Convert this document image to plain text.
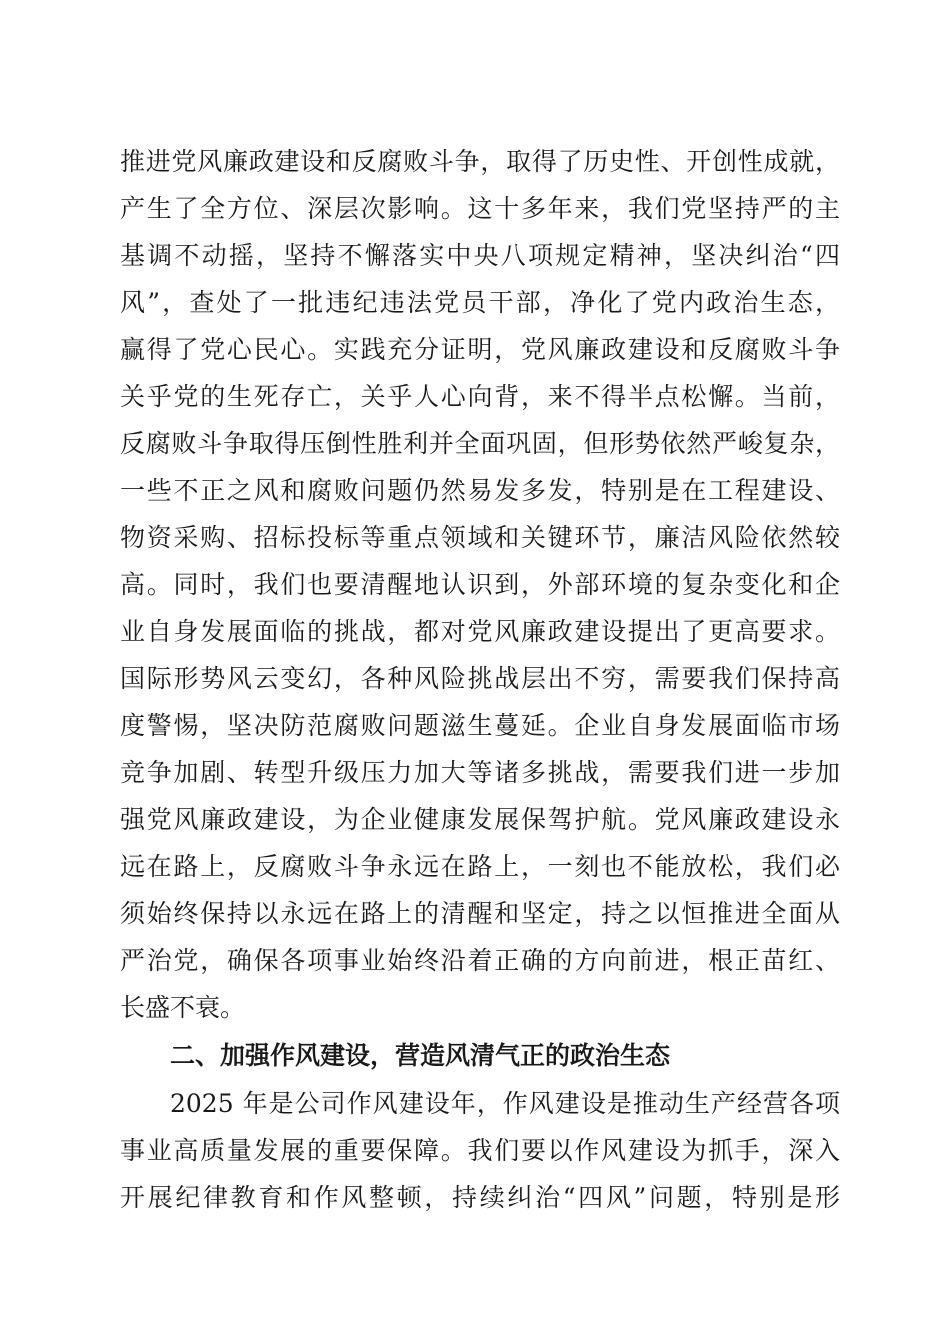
推进党风廉政建设和反腐败斗争，取得了历史性、开创性成就，
产生了全方位、深层次影响。这十多年来，我们党坚持严的主
基调不动摇，坚持不懈落实中央八项规定精神，坚决纠治“四
风”，查处了一批违纪违法党员干部，净化了党内政治生态，
赢得了党心民心。实践充分证明，党风廉政建设和反腐败斗争
关乎党的生死存亡，关乎人心向背，来不得半点松懈。当前，
反腐败斗争取得压倒性胜利并全面巩固，但形势依然严峻复杂，
一些不正之风和腐败问题仍然易发多发，特别是在工程建设、
物资采购、招标投标等重点领域和关键环节，廉洁风险依然较
高。同时，我们也要清醒地认识到，外部环境的复杂变化和企
业自身发展面临的挑战，都对党风廉政建设提出了更高要求。
国际形势风云变幻，各种风险挑战层出不穷，需要我们保持高
度警惕，坚决防范腐败问题滋生蔓延。企业自身发展面临市场
竞争加剧、转型升级压力加大等诸多挑战，需要我们进一步加
强党风廉政建设，为企业健康发展保驾护航。党风廉政建设永
远在路上，反腐败斗争永远在路上，一刻也不能放松，我们必
须始终保持以永远在路上的清醒和坚定，持之以恒推进全面从
严治党，确保各项事业始终沿着正确的方向前进，根正苗红、
长盛不衰。
二、加强作风建设，营造风清气正的政治生态
2025 年是公司作风建设年，作风建设是推动生产经营各项
事业高质量发展的重要保障。我们要以作风建设为抓手，深入
开展纪律教育和作风整顿，持续纠治“四风”问题，特别是形
